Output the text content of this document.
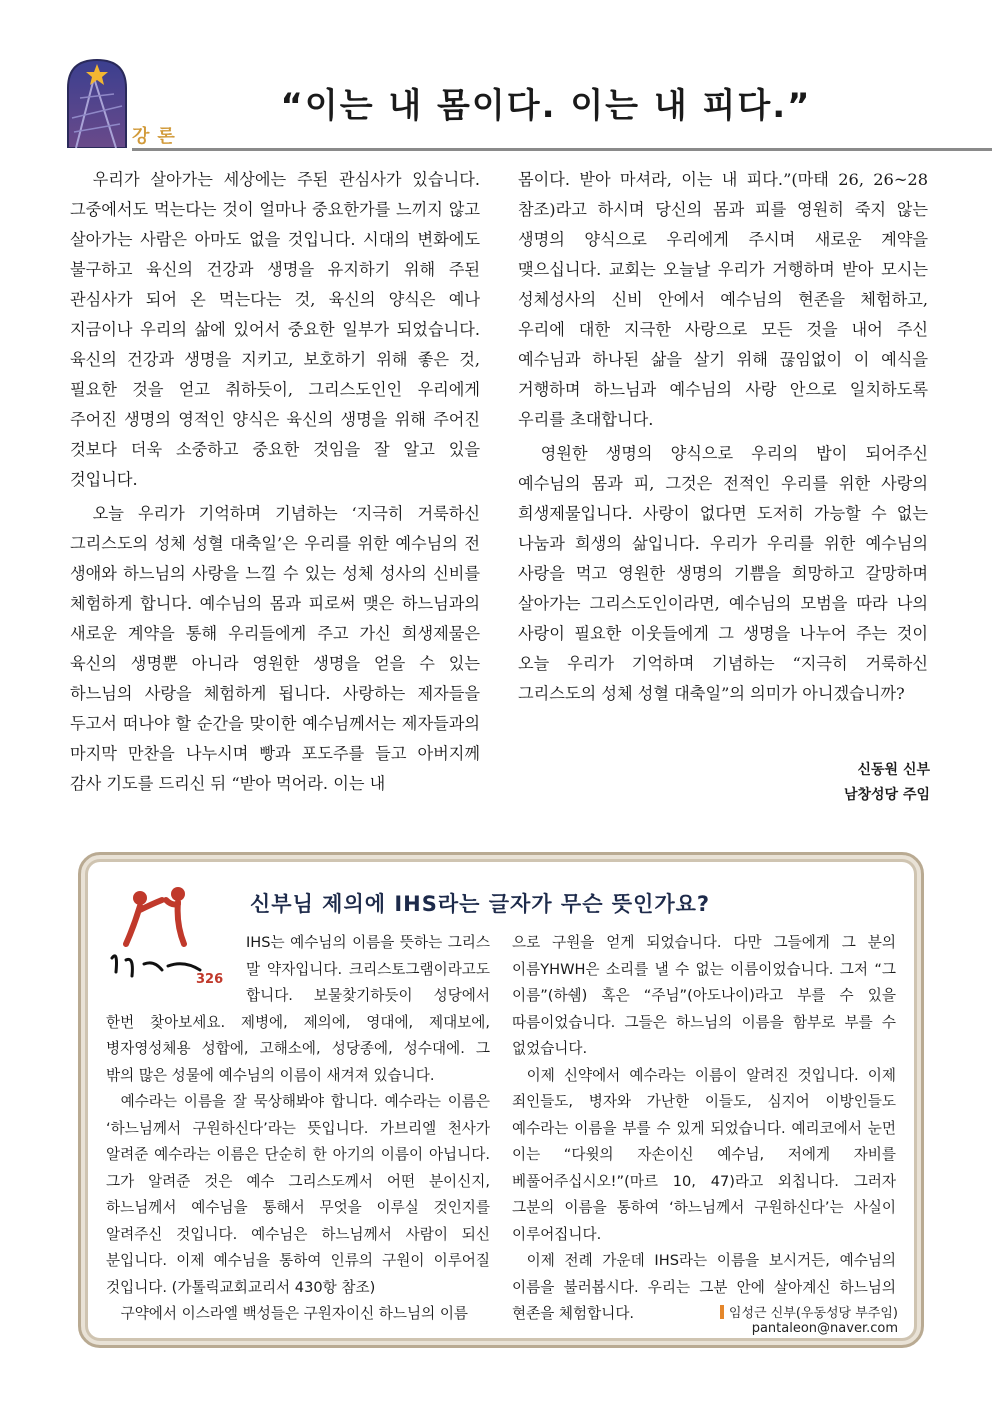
강론
“이는 내 몸이다. 이는 내 피다.”

우리가 살아가는 세상에는 주된 관심사가 있습니다. 그중에서도 먹는다는 것이 얼마나 중요한가를 느끼지 않고 살아가는 사람은 아마도 없을 것입니다. 시대의 변화에도 불구하고 육신의 건강과 생명을 유지하기 위해 주된 관심사가 되어 온 먹는다는 것, 육신의 양식은 예나 지금이나 우리의 삶에 있어서 중요한 일부가 되었습니다. 육신의 건강과 생명을 지키고, 보호하기 위해 좋은 것, 필요한 것을 얻고 취하듯이, 그리스도인인 우리에게 주어진 생명의 영적인 양식은 육신의 생명을 위해 주어진 것보다 더욱 소중하고 중요한 것임을 잘 알고 있을 것입니다.

오늘 우리가 기억하며 기념하는 ‘지극히 거룩하신 그리스도의 성체 성혈 대축일’은 우리를 위한 예수님의 전 생애와 하느님의 사랑을 느낄 수 있는 성체 성사의 신비를 체험하게 합니다. 예수님의 몸과 피로써 맺은 하느님과의 새로운 계약을 통해 우리들에게 주고 가신 희생제물은 육신의 생명뿐 아니라 영원한 생명을 얻을 수 있는 하느님의 사랑을 체험하게 됩니다. 사랑하는 제자들을 두고서 떠나야 할 순간을 맞이한 예수님께서는 제자들과의 마지막 만찬을 나누시며 빵과 포도주를 들고 아버지께 감사 기도를 드리신 뒤 “받아 먹어라. 이는 내

몸이다. 받아 마셔라, 이는 내 피다.”(마태 26, 26~28 참조)라고 하시며 당신의 몸과 피를 영원히 죽지 않는 생명의 양식으로 우리에게 주시며 새로운 계약을 맺으십니다. 교회는 오늘날 우리가 거행하며 받아 모시는 성체성사의 신비 안에서 예수님의 현존을 체험하고, 우리에 대한 지극한 사랑으로 모든 것을 내어 주신 예수님과 하나된 삶을 살기 위해 끊임없이 이 예식을 거행하며 하느님과 예수님의 사랑 안으로 일치하도록 우리를 초대합니다.

영원한 생명의 양식으로 우리의 밥이 되어주신 예수님의 몸과 피, 그것은 전적인 우리를 위한 사랑의 희생제물입니다. 사랑이 없다면 도저히 가능할 수 없는 나눔과 희생의 삶입니다. 우리가 우리를 위한 예수님의 사랑을 먹고 영원한 생명의 기쁨을 희망하고 갈망하며 살아가는 그리스도인이라면, 예수님의 모범을 따라 나의 사랑이 필요한 이웃들에게 그 생명을 나누어 주는 것이 오늘 우리가 기억하며 기념하는 “지극히 거룩하신 그리스도의 성체 성혈 대축일”의 의미가 아니겠습니까?

신동원 신부
남창성당 주임
길을 찾는 교리	326
신부님 제의에 IHS라는 글자가 무슨 뜻인가요?

IHS는 예수님의 이름을 뜻하는 그리스 말 약자입니다. 크리스토그램이라고도 합니다. 보물찾기하듯이 성당에서 한번 찾아보세요. 제병에, 제의에, 영대에, 제대보에, 병자영성체용 성합에, 고해소에, 성당종에, 성수대에. 그 밖의 많은 성물에 예수님의 이름이 새겨져 있습니다.

예수라는 이름을 잘 묵상해봐야 합니다. 예수라는 이름은 ‘하느님께서 구원하신다’라는 뜻입니다. 가브리엘 천사가 알려준 예수라는 이름은 단순히 한 아기의 이름이 아닙니다. 그가 알려준 것은 예수 그리스도께서 어떤 분이신지, 하느님께서 예수님을 통해서 무엇을 이루실 것인지를 알려주신 것입니다. 예수님은 하느님께서 사람이 되신 분입니다. 이제 예수님을 통하여 인류의 구원이 이루어질 것입니다. (가톨릭교회교리서 430항 참조)

구약에서 이스라엘 백성들은 구원자이신 하느님의 이름

으로 구원을 얻게 되었습니다. 다만 그들에게 그 분의 이름YHWH은 소리를 낼 수 없는 이름이었습니다. 그저 “그 이름”(하쉠) 혹은 “주님”(아도나이)라고 부를 수 있을 따름이었습니다. 그들은 하느님의 이름을 함부로 부를 수 없었습니다.

이제 신약에서 예수라는 이름이 알려진 것입니다. 이제 죄인들도, 병자와 가난한 이들도, 심지어 이방인들도 예수라는 이름을 부를 수 있게 되었습니다. 예리코에서 눈먼 이는 “다윗의 자손이신 예수님, 저에게 자비를 베풀어주십시오!”(마르 10, 47)라고 외칩니다. 그러자 그분의 이름을 통하여 ‘하느님께서 구원하신다’는 사실이 이루어집니다.

이제 전례 가운데 IHS라는 이름을 보시거든, 예수님의 이름을 불러봅시다. 우리는 그분 안에 살아계신 하느님의 현존을 체험합니다.	임성근 신부(우동성당 부주임) pantaleon@naver.com
